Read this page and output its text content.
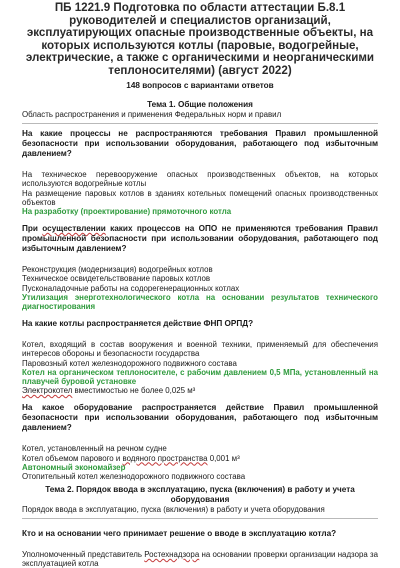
ПБ 1221.9 Подготовка по области аттестации Б.8.1 руководителей и специалистов организаций, эксплуатирующих опасные производственные объекты, на которых используются котлы (паровые, водогрейные, электрические, а также с органическими и неорганическими теплоносителями) (август 2022)
148 вопросов с вариантами ответов
Тема 1. Общие положения
Область распространения и применения Федеральных норм и правил
На какие процессы не распространяются требования Правил промышленной безопасности при использовании оборудования, работающего под избыточным давлением?
На техническое перевооружение опасных производственных объектов, на которых используются водогрейные котлы
На размещение паровых котлов в зданиях котельных помещений опасных производственных объектов
На разработку (проектирование) прямоточного котла
При осуществлении каких процессов на ОПО не применяются требования Правил промышленной безопасности при использовании оборудования, работающего под избыточным давлением?
Реконструкция (модернизация) водогрейных котлов
Техническое освидетельствование паровых котлов
Пусконаладочные работы на содорегенерационных котлах
Утилизация энерготехнологического котла на основании результатов технического диагностирования
На какие котлы распространяется действие ФНП ОРПД?
Котел, входящий в состав вооружения и военной техники, применяемый для обеспечения интересов обороны и безопасности государства
Паровозный котел железнодорожного подвижного состава
Котел на органическом теплоносителе, с рабочим давлением 0,5 МПа, установленный на плавучей буровой установке
Электрокотел вместимостью не более 0,025 м³
На какое оборудование распространяется действие Правил промышленной безопасности при использовании оборудования, работающего под избыточным давлением?
Котел, установленный на речном судне
Котел объемом парового и водяного пространства 0,001 м³
Автономный экономайзер
Отопительный котел железнодорожного подвижного состава
Тема 2. Порядок ввода в эксплуатацию, пуска (включения) в работу и учета оборудования
Порядок ввода в эксплуатацию, пуска (включения) в работу и учета оборудования
Кто и на основании чего принимает решение о вводе в эксплуатацию котла?
Уполномоченный представитель Ростехнадзора на основании проверки организации надзора за эксплуатацией котла
